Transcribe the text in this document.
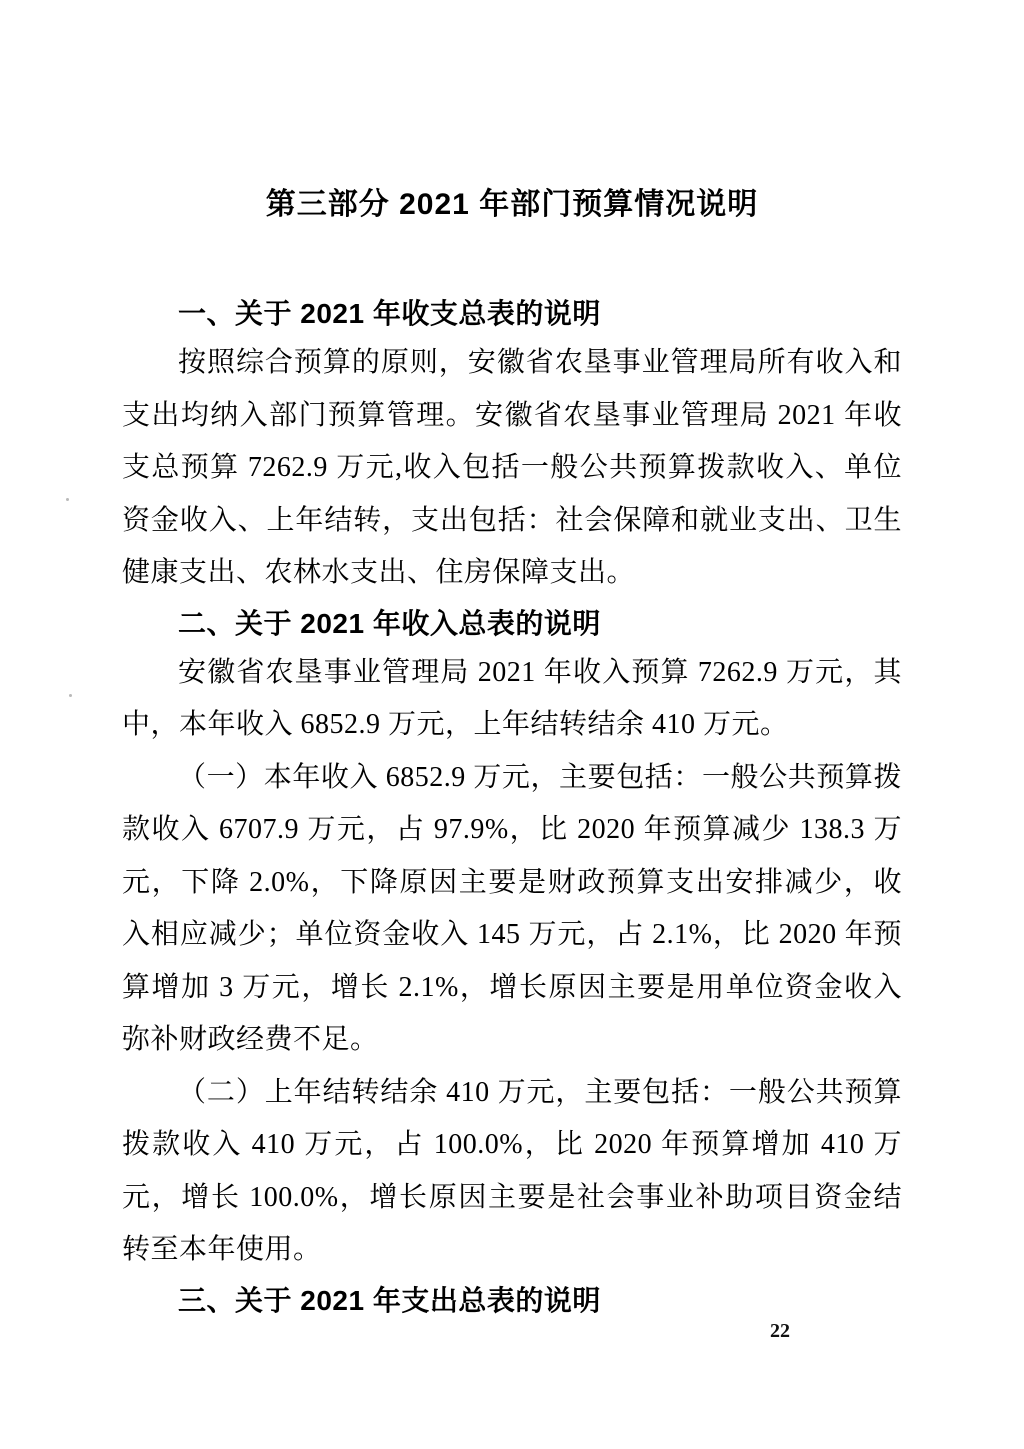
第三部分 2021 年部门预算情况说明
一、关于 2021 年收支总表的说明

按照综合预算的原则，安徽省农垦事业管理局所有收入和支出均纳入部门预算管理。安徽省农垦事业管理局 2021 年收支总预算 7262.9 万元,收入包括一般公共预算拨款收入、单位资金收入、上年结转，支出包括：社会保障和就业支出、卫生健康支出、农林水支出、住房保障支出。

二、关于 2021 年收入总表的说明

安徽省农垦事业管理局 2021 年收入预算 7262.9 万元，其中，本年收入 6852.9 万元，上年结转结余 410 万元。

（一）本年收入 6852.9 万元，主要包括：一般公共预算拨款收入 6707.9 万元，占 97.9%，比 2020 年预算减少 138.3 万元，下降 2.0%，下降原因主要是财政预算支出安排减少，收入相应减少；单位资金收入 145 万元，占 2.1%，比 2020 年预算增加 3 万元，增长 2.1%，增长原因主要是用单位资金收入弥补财政经费不足。

（二）上年结转结余 410 万元，主要包括：一般公共预算拨款收入 410 万元，占 100.0%，比 2020 年预算增加 410 万元，增长 100.0%，增长原因主要是社会事业补助项目资金结转至本年使用。

三、关于 2021 年支出总表的说明
22
